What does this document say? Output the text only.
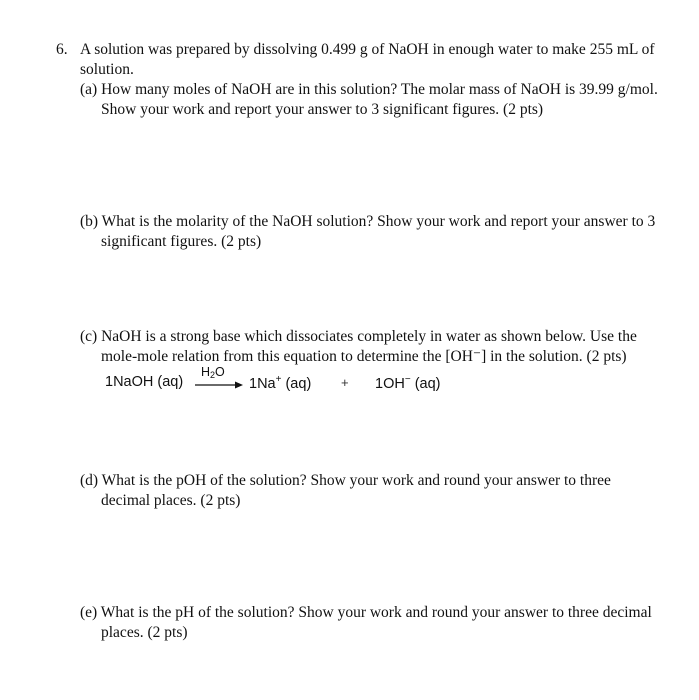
6. A solution was prepared by dissolving 0.499 g of NaOH in enough water to make 255 mL of
solution.
(a) How many moles of NaOH are in this solution? The molar mass of NaOH is 39.99 g/mol.
Show your work and report your answer to 3 significant figures. (2 pts)
(b) What is the molarity of the NaOH solution? Show your work and report your answer to 3
significant figures. (2 pts)
(c) NaOH is a strong base which dissociates completely in water as shown below. Use the
mole-mole relation from this equation to determine the [OH⁻] in the solution. (2 pts)
1NaOH (aq)
$H_2O$
1Na+ (aq) + 1OH− (aq)
(d) What is the pOH of the solution? Show your work and round your answer to three
decimal places. (2 pts)
(e) What is the pH of the solution? Show your work and round your answer to three decimal
places. (2 pts)
